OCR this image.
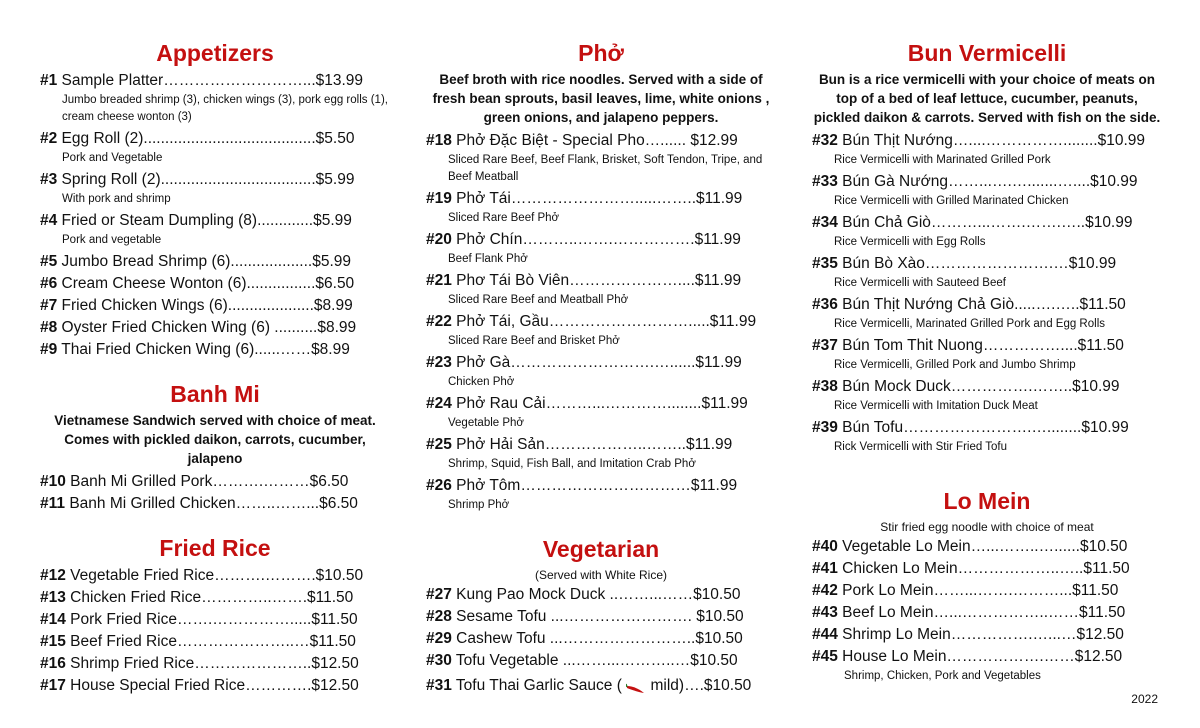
Appetizers
#1 Sample Platter………………………...$13.99
Jumbo breaded shrimp (3), chicken wings (3), pork egg rolls (1), cream cheese wonton (3)
#2 Egg Roll (2)........................................$5.50
Pork and Vegetable
#3 Spring Roll (2)....................................$5.99
With pork and shrimp
#4 Fried or Steam Dumpling (8).............$5.99
Pork and vegetable
#5 Jumbo Bread Shrimp (6)...................$5.99
#6 Cream Cheese Wonton (6)................$6.50
#7 Fried Chicken Wings (6)....................$8.99
#8 Oyster Fried Chicken Wing (6) ..........$8.99
#9 Thai Fried Chicken Wing (6)......……$8.99
Banh Mi
Vietnamese Sandwich served with choice of meat. Comes with pickled daikon, carrots, cucumber, jalapeno
#10 Banh Mi Grilled Pork……….………$6.50
#11 Banh Mi Grilled Chicken……..……...$6.50
Fried Rice
#12 Vegetable Fried Rice……….……….$10.50
#13 Chicken Fried Rice…………..…….$11.50
#14 Pork Fried Rice…….…………….....$11.50
#15 Beef Fried Rice…………………..…$11.50
#16 Shrimp Fried Rice…………………..$12.50
#17 House Special Fried Rice………….$12.50
Phở
Beef broth with rice noodles. Served with a side of fresh bean sprouts, basil leaves, lime, white onions , green onions, and jalapeno peppers.
#18 Phở Đặc Biệt - Special Pho…...... $12.99
Sliced Rare Beef, Beef Flank, Brisket, Soft Tendon, Tripe, and Beef Meatball
#19 Phở Tái…………………….....……..$11.99
Sliced Rare Beef Phở
#20 Phở Chín………..…….…………….$11.99
Beef Flank Phở
#21 Phơ Tái Bò Viên…………………....$11.99
Sliced Rare Beef and Meatball Phở
#22 Phở Tái, Gầu……………………….....$11.99
Sliced Rare Beef and Brisket Phở
#23 Phở Gà……………………….…......$11.99
Chicken Phở
#24 Phở Rau Cải………...…………........$11.99
Vegetable Phở
#25 Phở Hải Sản………………..……..$11.99
Shrimp, Squid, Fish Ball, and Imitation Crab Phở
#26 Phở Tôm……………………………$11.99
Shrimp Phở
Vegetarian
(Served with White Rice)
#27 Kung Pao Mock Duck ..……...……$10.50
#28 Sesame Tofu ...……………………. $10.50
#29 Cashew Tofu ...……………………..$10.50
#30 Tofu Vegetable ...……...………..…$10.50
#31 Tofu Thai Garlic Sauce (  mild)….$10.50
Bun Vermicelli
Bun is a rice vermicelli with your choice of meats on top of a bed of leaf lettuce, cucumber, peanuts, pickled daikon & carrots. Served with fish on the side.
#32 Bún Thịt Nướng…....……………........$10.99
Rice Vermicelli with Marinated Grilled Pork
#33 Bún Gà Nướng……...….….......…....$10.99
Rice Vermicelli with Grilled Marinated Chicken
#34 Bún Chả Giò………...…….…….…..$10.99
Rice Vermicelli with Egg Rolls
#35 Bún Bò Xào…………………….…$10.99
Rice Vermicelli with Sauteed Beef
#36 Bún Thịt Nướng Chả Giò.....….…..$11.50
Rice Vermicelli, Marinated Grilled Pork and Egg Rolls
#37 Bún Tom Thit Nuong……………....$11.50
Rice Vermicelli, Grilled Pork and Jumbo Shrimp
#38 Bún Mock Duck…………….……..$10.99
Rice Vermicelli with Imitation Duck Meat
#39 Bún Tofu…………………….…........$10.99
Rick Vermicelli with Stir Fried Tofu
Lo Mein
Stir fried egg noodle with choice of meat
#40 Vegetable Lo Mein…...……..…......$10.50
#41 Chicken Lo Mein………………..…..$11.50
#42 Pork Lo Mein……...…….………...$11.50
#43 Beef Lo Mein…...……………..……$11.50
#44 Shrimp Lo Mein…………….…...…$12.50
#45 House Lo Mein……………….……$12.50
Shrimp, Chicken, Pork and Vegetables
2022
